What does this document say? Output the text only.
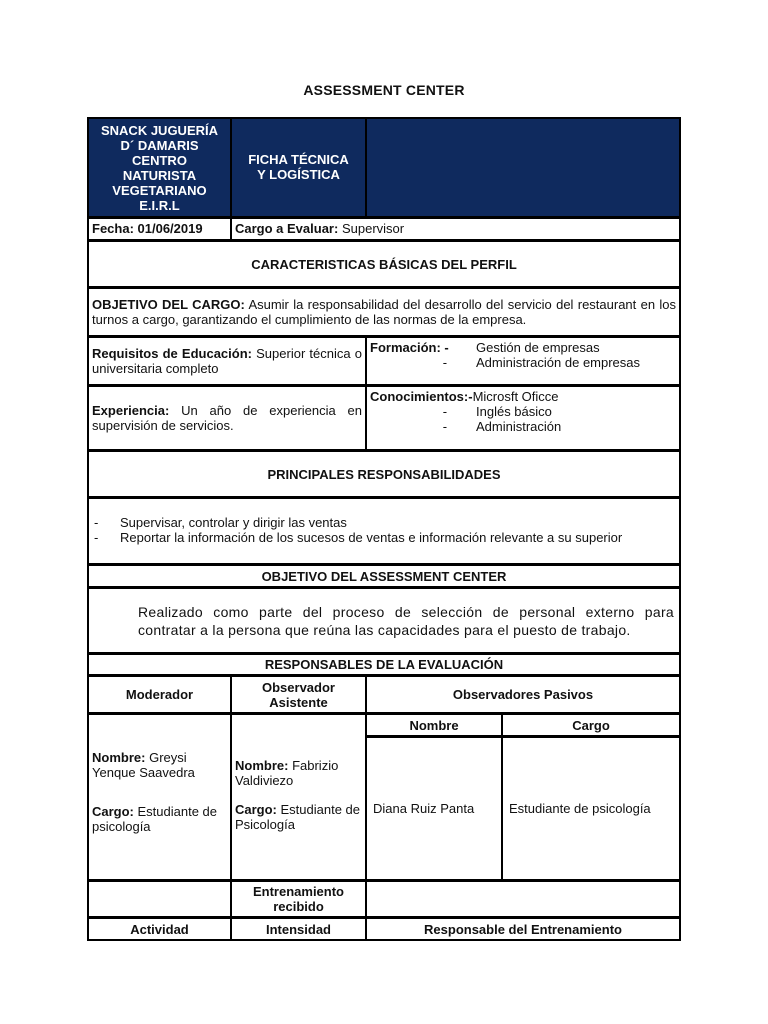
ASSESSMENT CENTER
SNACK JUGUERÍA
D´ DAMARIS
CENTRO
NATURISTA
VEGETARIANO
E.I.R.L
FICHA TÉCNICA
Y LOGÍSTICA
Fecha: 01/06/2019	Cargo a Evaluar: Supervisor
CARACTERISTICAS BÁSICAS DEL PERFIL
OBJETIVO DEL CARGO: Asumir la responsabilidad del desarrollo del servicio del restaurant en los turnos a cargo, garantizando el cumplimiento de las normas de la empresa.
Requisitos de Educación: Superior técnica o universitaria completo
Formación: -	Gestión de empresas
- Administración de empresas
Experiencia: Un año de experiencia en supervisión de servicios.
Conocimientos:-Microsft Oficce
- Inglés básico
- Administración
PRINCIPALES RESPONSABILIDADES
-	Supervisar, controlar y dirigir las ventas
-	Reportar la información de los sucesos de ventas e información relevante a su superior
OBJETIVO DEL ASSESSMENT CENTER
Realizado como parte del proceso de selección de personal externo para contratar a la persona que reúna las capacidades para el puesto de trabajo.
RESPONSABLES DE LA EVALUACIÓN
Moderador	Observador Asistente	Observadores Pasivos
Nombre: Greysi Yenque Saavedra
Cargo: Estudiante de psicología
Nombre: Fabrizio Valdiviezo
Cargo: Estudiante de Psicología
Nombre	Cargo
Diana Ruiz Panta	Estudiante de psicología
Entrenamiento recibido
Actividad	Intensidad	Responsable del Entrenamiento
